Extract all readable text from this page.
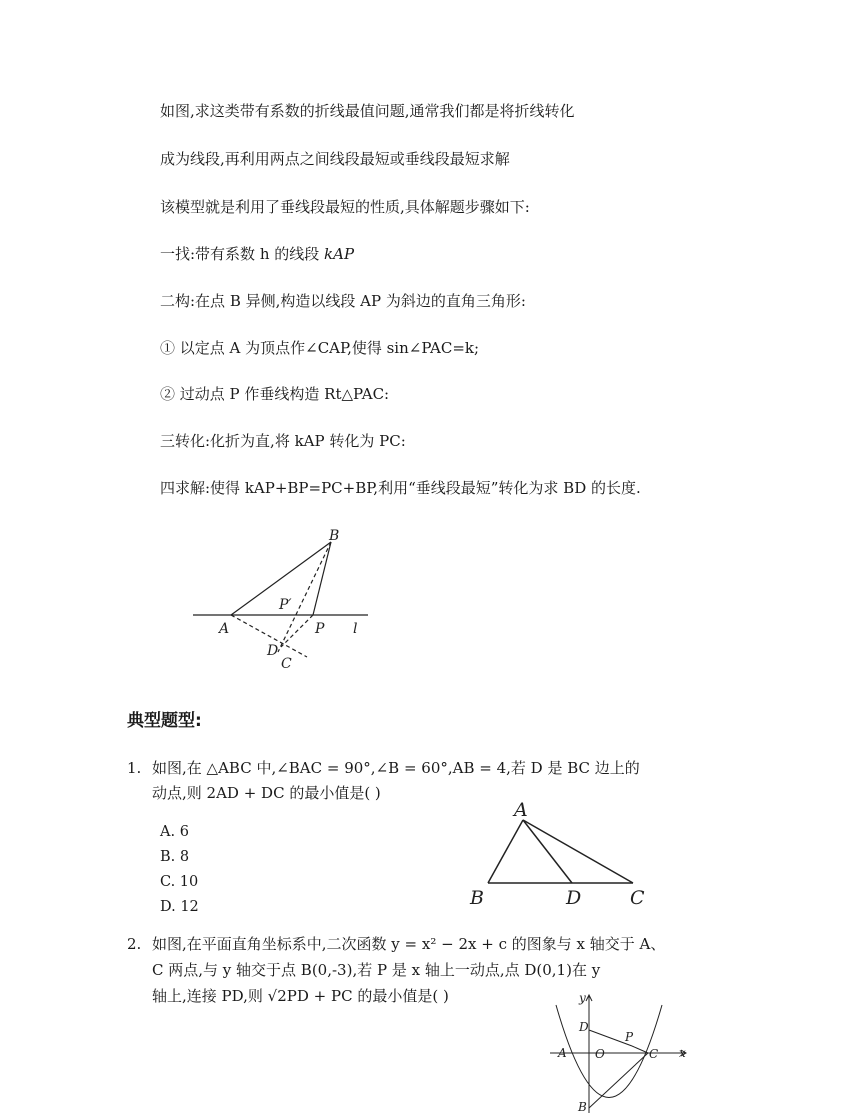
如图,求这类带有系数的折线最值问题,通常我们都是将折线转化
成为线段,再利用两点之间线段最短或垂线段最短求解
该模型就是利用了垂线段最短的性质,具体解题步骤如下:
一找:带有系数 h 的线段 kAP
二构:在点 B 异侧,构造以线段 AP 为斜边的直角三角形:
① 以定点 A 为顶点作∠CAP,使得 sin∠PAC=k;
② 过动点 P 作垂线构造 Rt△PAC:
三转化:化折为直,将 kAP 转化为 PC:
四求解:使得 kAP+BP=PC+BP,利用“垂线段最短”转化为求 BD 的长度.
B
P′
A	P l
D
C
典型题型:
1. 如图,在 △ABC 中,∠BAC = 90°,∠B = 60°,AB = 4,若 D 是 BC 边上的
动点,则 2AD + DC 的最小值是( )
A. 6
B. 8
C. 10
D. 12
A
B	D	C
2. 如图,在平面直角坐标系中,二次函数 y = x² − 2x + c 的图象与 x 轴交于 A、
C 两点,与 y 轴交于点 B(0,-3),若 P 是 x 轴上一动点,点 D(0,1)在 y
轴上,连接 PD,则 √2PD + PC 的最小值是( )	y
x
D
P
A O	C
B
